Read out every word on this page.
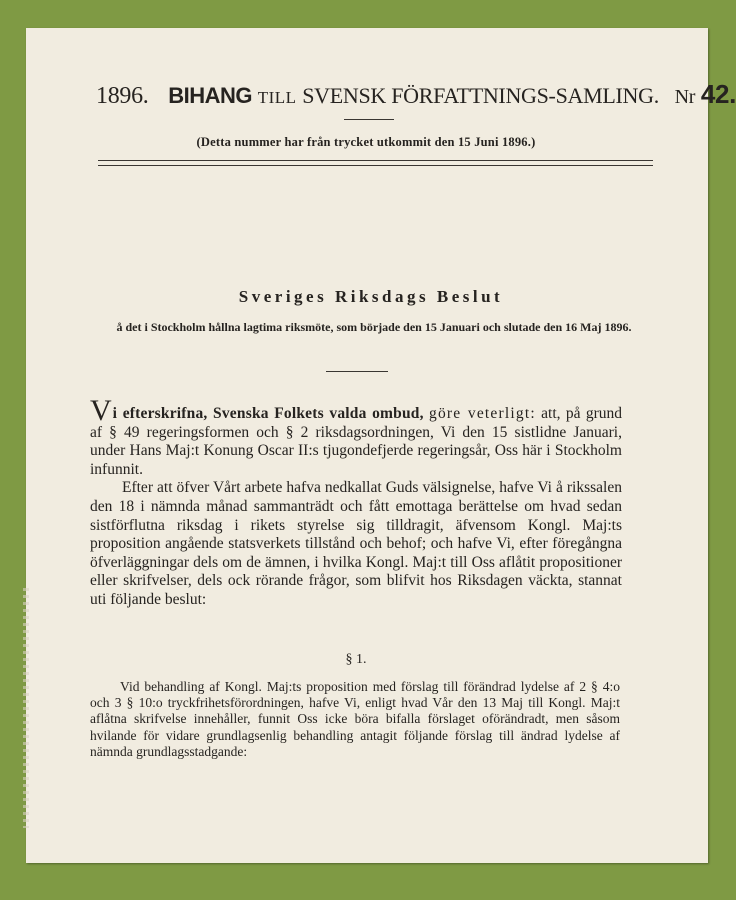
1896. BIHANG TILL SVENSK FÖRFATTNINGS-SAMLING. Nr 42.
(Detta nummer har från trycket utkommit den 15 Juni 1896.)
Sveriges Riksdags Beslut
å det i Stockholm hållna lagtima riksmöte, som började den 15 Januari och slutade den 16 Maj 1896.

Vi efterskrifna, Svenska Folkets valda ombud, göre veterligt: att, på grund af § 49 regeringsformen och § 2 riksdagsordningen, Vi den 15 sistlidne Januari, under Hans Maj:t Konung Oscar II:s tjugondefjerde regeringsår, Oss här i Stockholm infunnit.

Efter att öfver Vårt arbete hafva nedkallat Guds välsignelse, hafve Vi å rikssalen den 18 i nämnda månad sammanträdt och fått emottaga berättelse om hvad sedan sistförflutna riksdag i rikets styrelse sig tilldragit, äfvensom Kongl. Maj:ts proposition angående statsverkets tillstånd och behof; och hafve Vi, efter föregångna öfverläggningar dels om de ämnen, i hvilka Kongl. Maj:t till Oss aflåtit propositioner eller skrifvelser, dels ock rörande frågor, som blifvit hos Riksdagen väckta, stannat uti följande beslut:

§ 1.

Vid behandling af Kongl. Maj:ts proposition med förslag till förändrad lydelse af 2 § 4:o och 3 § 10:o tryckfrihetsförordningen, hafve Vi, enligt hvad Vår den 13 Maj till Kongl. Maj:t aflåtna skrifvelse innehåller, funnit Oss icke böra bifalla förslaget oförändradt, men såsom hvilande för vidare grundlagsenlig behandling antagit följande förslag till ändrad lydelse af nämnda grundlagsstadgande:
